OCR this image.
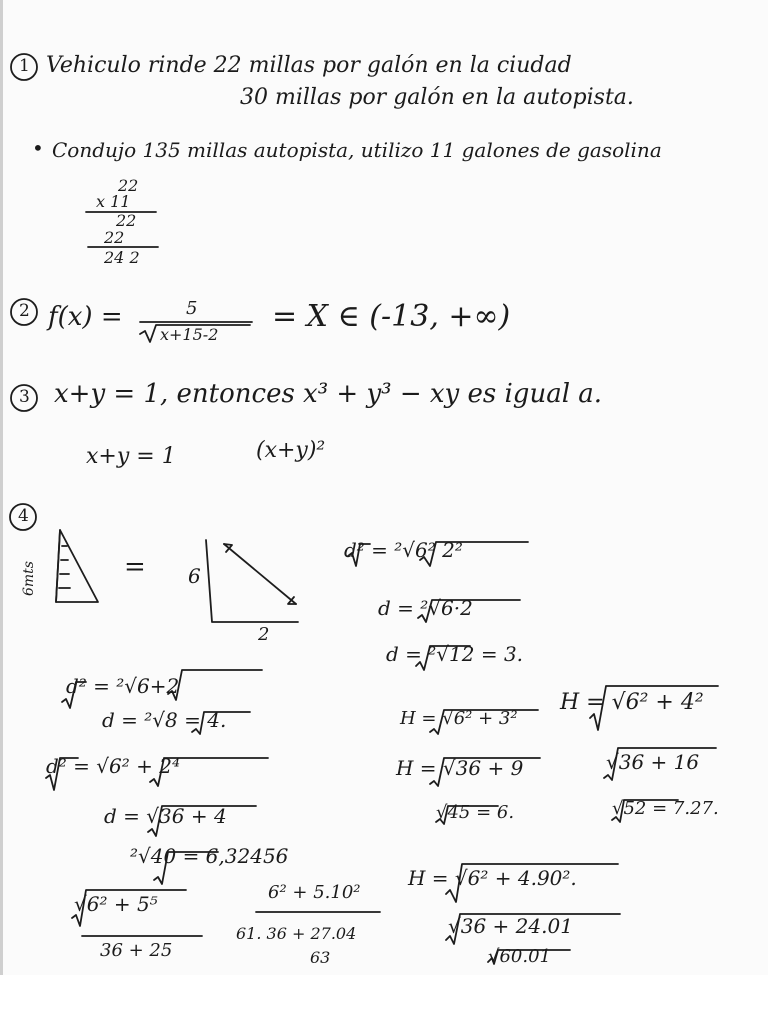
1 Vehiculo rinde 22 millas por galón en la ciudad
30 millas por galón en la autopista.
• Condujo 135 millas autopista, utilizo 11 galones de gasolina
22
x 11
22
22
24 2
2 f(x) =	5
x+15-2
= X ∈ (-13, +∞)
3 x+y = 1, entonces x³ + y³ − xy es igual a.
x+y = 1	(x+y)²
4
6mts	= 6
2
d² = ²√6² 2²
d = ²√6·2
d = ²√12 = 3.
d² = ²√6+2
d = ²√8 = 4.
d² = √6² + 2⁴
d = √36 + 4
²√40 = 6,32456
H = √6² + 3²
H = √36 + 9
√45 = 6.
H = √6² + 4²
√36 + 16
√52 = 7.27.
√6² + 5⁵
36 + 25
6² + 5.10²
61. 36 + 27.04
63
H = √6² + 4.90².
√36 + 24.01
√60.01
